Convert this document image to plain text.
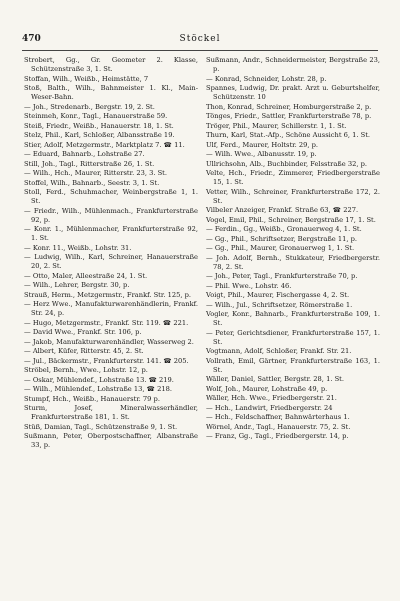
470	Stöckel
Strobert, Gg., Gr. Geometer 2. Klasse, Schützenstraße 3, 1. St.
Stoffan, Wilh., Weißb., Heimstätte, 7
Stoß, Balth., Wilh., Bahnmeister 1. Kl., Main-Weser-Bahn.
— Joh., Stredenarb., Bergstr. 19, 2. St.
Steinmeh, Konr., Tagl., Hanauerstraße 59.
Steiß, Friedr., Weißb., Hanauerstr. 18, 1. St.
Stelz, Phil., Karl, Schloßer, Albansstraße 19.
Stier, Adolf, Metzgermstr., Marktplatz 7. ☎ 11.
— Eduard, Bahnarb., Lohstraße 27.
Still, Joh., Tagl., Ritterstraße 26, 1. St.
— Wilh., Hch., Maurer, Ritterstr. 23, 3. St.
Stoffel, Wilh., Bahnarb., Seestr. 3, 1. St.
Stoll, Ferd., Schuhmacher, Weinbergstraße 1, 1. St.
— Friedr., Wilh., Mühlenmach., Frankfurterstraße 92, p.
— Konr. 1., Mühlenmacher, Frankfurterstraße 92, 1. St.
— Konr. 11., Weißb., Lohstr. 31.
— Ludwig, Wilh., Karl, Schreiner, Hanauerstraße 20, 2. St.
— Otto, Maler, Alleestraße 24, 1. St.
— Wilh., Lehrer, Bergstr. 30, p.
Strauß, Herm., Metzgermstr., Frankf. Str. 125, p.
— Herz Wwe., Manufakturwarenhändlerin, Frankf. Str. 24, p.
— Hugo, Metzgermstr., Frankf. Str. 119. ☎ 221.
— David Wwe., Frankf. Str. 106, p.
— Jakob, Manufakturwarenhändler, Wasserweg 2.
— Albert, Küfer, Ritterstr. 45, 2. St.
— Jul., Bäckermstr., Frankfurterstr. 141. ☎ 205.
Ströbel, Bernh., Wwe., Lohstr. 12, p.
— Oskar, Mühlendef., Lohstraße 13. ☎ 219.
— Wilh., Mühlendef., Lohstraße 13, ☎ 218.
Stumpf, Hch., Weißb., Hanauerstr. 79 p.
Sturm, Josef, Mineralwasserhändler, Frankfurterstraße 181, 1. St.
Stüß, Damian, Tagl., Schützenstraße 9, 1. St.
Sußmann, Peter, Oberpostschaffner, Albanstraße 33, p.
Sußmann, Andr., Schneidermeister, Bergstraße 23, p.
— Konrad, Schneider, Lohstr. 28, p.
Spannes, Ludwig, Dr. prakt. Arzt u. Geburtshelfer, Schützenstr. 10
Thon, Konrad, Schreiner, Homburgerstraße 2, p.
Tönges, Friedr., Sattler, Frankfurterstraße 78, p.
Tröger, Phil., Maurer, Schillerstr. 1, 1. St.
Thurn, Karl, Stat.-Afp., Schöne Aussicht 6, 1. St.
Ulf, Ferd., Maurer, Holtstr. 29, p.
— Wilh. Wwe., Albanusstr. 19, p.
Ullrichsohn, Alb., Buchbinder, Felsstraße 32, p.
Velte, Hch., Friedr., Zimmerer, Friedbergerstraße 15, 1. St.
Vetter, Wilh., Schreiner, Frankfurterstraße 172, 2. St.
Vilbeler Anzeiger, Frankf. Straße 63, ☎ 227.
Vogel, Emil, Phil., Schreiner, Bergstraße 17, 1. St.
— Ferdin., Gg., Weißb., Gronauerweg 4, 1. St.
— Gg., Phil., Schriftsetzer, Bergstraße 11, p.
— Gg., Phil., Maurer, Gronauerweg 1, 1. St.
— Joh. Adolf, Bernh., Stukkateur, Friedbergerstr. 78, 2. St.
— Joh., Peter, Tagl., Frankfurterstraße 70, p.
— Phil. Wwe., Lohstr. 46.
Voigt, Phil., Maurer, Fischergasse 4, 2. St.
— Wilh., Jul., Schriftsetzer, Römerstraße 1.
Vogler, Konr., Bahnarb., Frankfurterstraße 109, 1. St.
— Peter, Gerichtsdiener, Frankfurterstraße 157, 1. St.
Vogtmann, Adolf, Schloßer, Frankf. Str. 21.
Vollrath, Emil, Gärtner, Frankfurterstraße 163, 1. St.
Wäller, Daniel, Sattler, Bergstr. 28, 1. St.
Wolf, Joh., Maurer, Lohstraße 49, p.
Wäller, Hch. Wwe., Friedbergerstr. 21.
— Hch., Landwirt, Friedbergerstr. 24
— Hch., Feldschaffner, Bahnwärterhaus 1.
Wörnel, Andr., Tagl., Hanauerstr. 75, 2. St.
— Franz, Gg., Tagl., Friedbergerstr. 14, p.
